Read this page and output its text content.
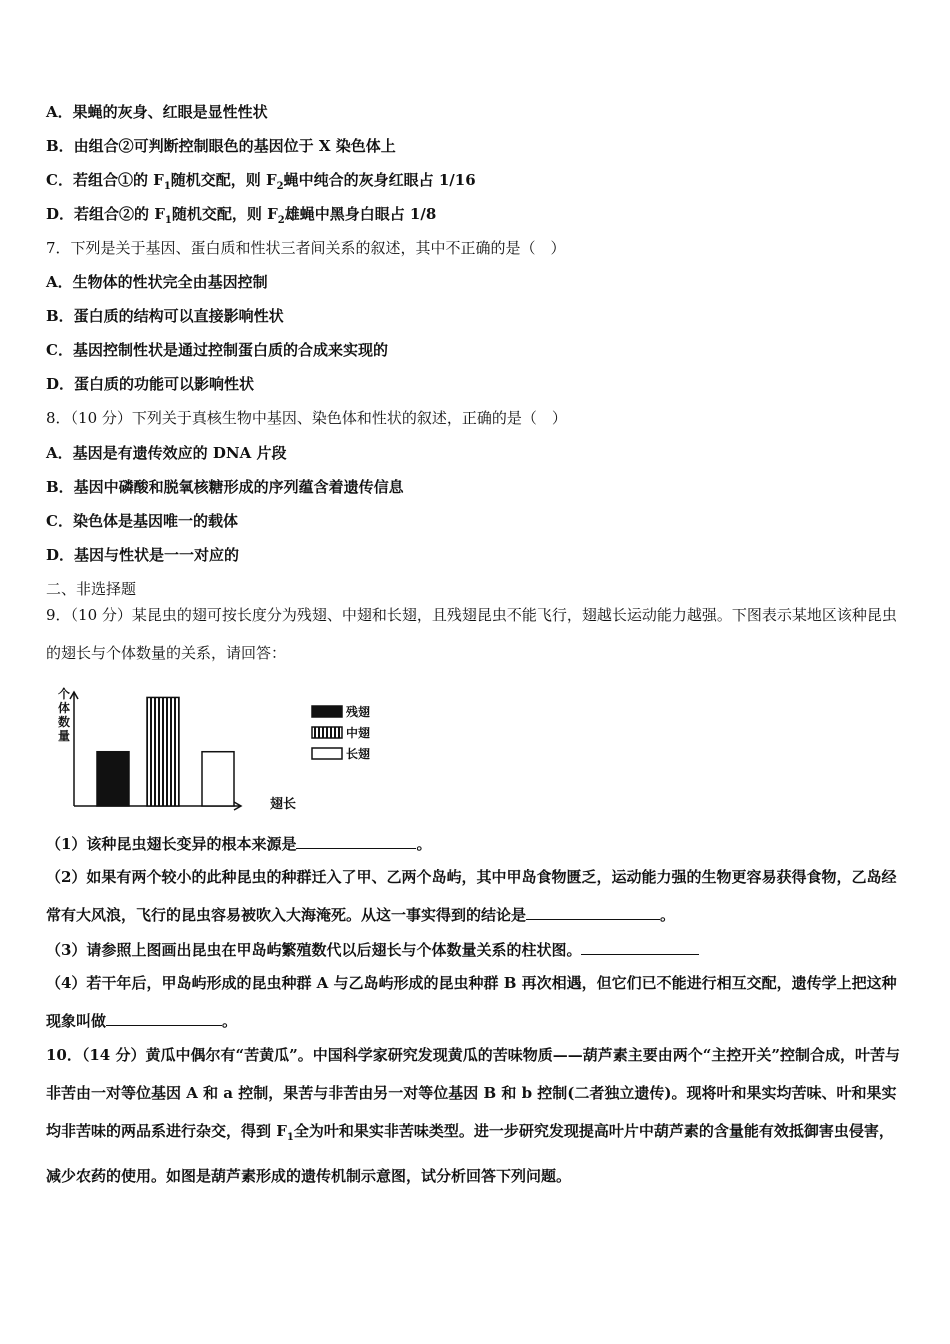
A．果蝇的灰身、红眼是显性性状
B．由组合②可判断控制眼色的基因位于 X 染色体上
C．若组合①的 $F_1$随机交配，则 $F_2$蝇中纯合的灰身红眼占 1/16
D．若组合②的 $F_1$随机交配，则 $F_2$雄蝇中黑身白眼占 1/8
7．下列是关于基因、蛋白质和性状三者间关系的叙述，其中不正确的是（　）
A．生物体的性状完全由基因控制
B．蛋白质的结构可以直接影响性状
C．基因控制性状是通过控制蛋白质的合成来实现的
D．蛋白质的功能可以影响性状
8．（10 分）下列关于真核生物中基因、染色体和性状的叙述，正确的是（　）
A．基因是有遗传效应的 DNA 片段
B．基因中磷酸和脱氧核糖形成的序列蕴含着遗传信息
C．染色体是基因唯一的载体
D．基因与性状是一一对应的
二、非选择题
9．（10 分）某昆虫的翅可按长度分为残翅、中翅和长翅，且残翅昆虫不能飞行，翅越长运动能力越强。下图表示某地区该种昆虫的翅长与个体数量的关系，请回答：
个体数量
翅长
残翅
中翅
长翅
（1）该种昆虫翅长变异的根本来源是	。
（2）如果有两个较小的此种昆虫的种群迁入了甲、乙两个岛屿，其中甲岛食物匮乏，运动能力强的生物更容易获得食物，乙岛经常有大风浪，飞行的昆虫容易被吹入大海淹死。从这一事实得到的结论是	。
（3）请参照上图画出昆虫在甲岛屿繁殖数代以后翅长与个体数量关系的柱状图。
（4）若干年后，甲岛屿形成的昆虫种群 A 与乙岛屿形成的昆虫种群 B 再次相遇，但它们已不能进行相互交配，遗传学上把这种现象叫做	。
10．（14 分）黄瓜中偶尔有“苦黄瓜”。中国科学家研究发现黄瓜的苦味物质——葫芦素主要由两个“主控开关”控制合成，叶苦与非苦由一对等位基因 A 和 a 控制，果苦与非苦由另一对等位基因 B 和 b 控制(二者独立遗传)。现将叶和果实均苦味、叶和果实均非苦味的两品系进行杂交，得到 $F_1$全为叶和果实非苦味类型。进一步研究发现提高叶片中葫芦素的含量能有效抵御害虫侵害，减少农药的使用。如图是葫芦素形成的遗传机制示意图，试分析回答下列问题。
